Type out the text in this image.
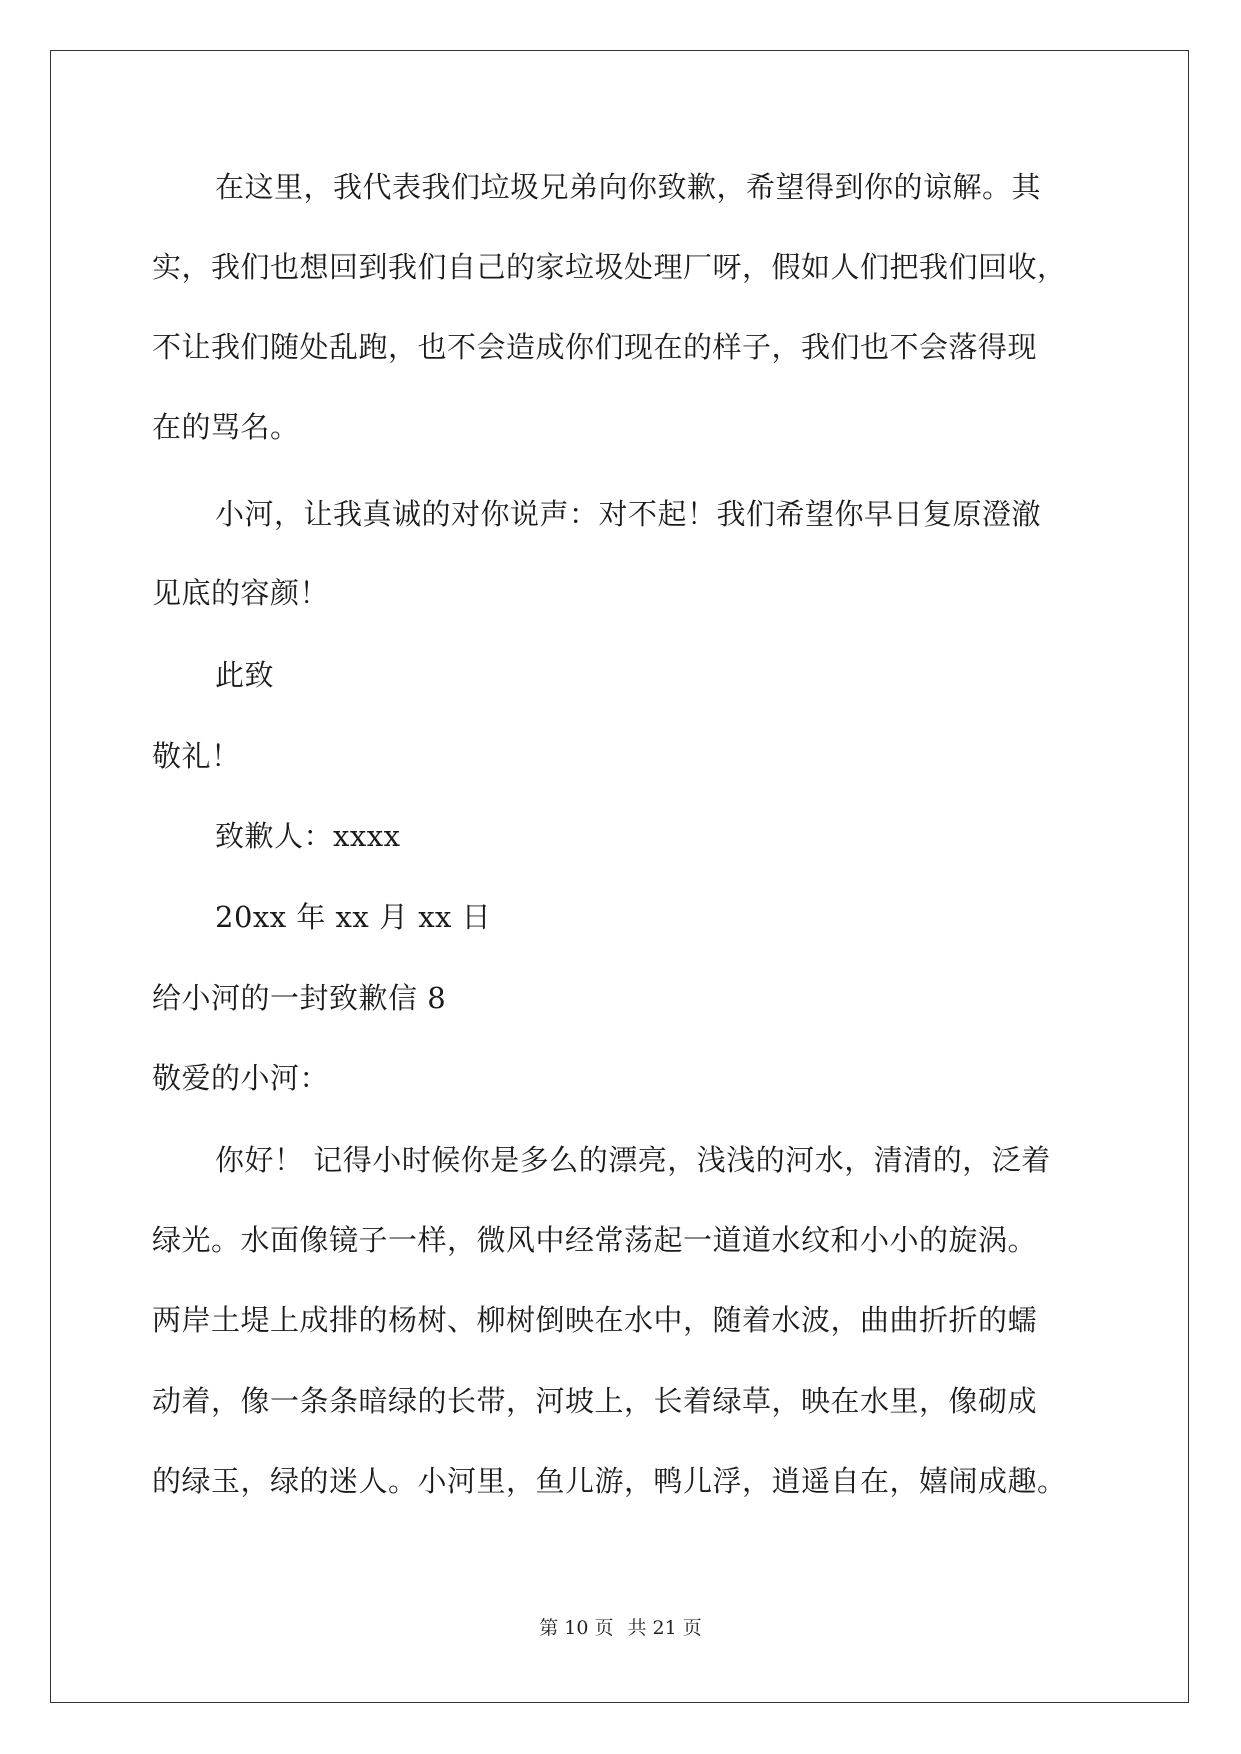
在这里，我代表我们垃圾兄弟向你致歉，希望得到你的谅解。其
实，我们也想回到我们自己的家垃圾处理厂呀，假如人们把我们回收，
不让我们随处乱跑，也不会造成你们现在的样子，我们也不会落得现
在的骂名。
小河，让我真诚的对你说声：对不起！我们希望你早日复原澄澈
见底的容颜！
此致
敬礼！
致歉人：xxxx
20xx 年 xx 月 xx 日
给小河的一封致歉信 8
敬爱的小河：
你好！ 记得小时候你是多么的漂亮，浅浅的河水，清清的，泛着
绿光。水面像镜子一样，微风中经常荡起一道道水纹和小小的旋涡。
两岸土堤上成排的杨树、柳树倒映在水中，随着水波，曲曲折折的蠕
动着，像一条条暗绿的长带，河坡上，长着绿草，映在水里，像砌成
的绿玉，绿的迷人。小河里，鱼儿游，鸭儿浮，逍遥自在，嬉闹成趣。
第 10 页 共 21 页
